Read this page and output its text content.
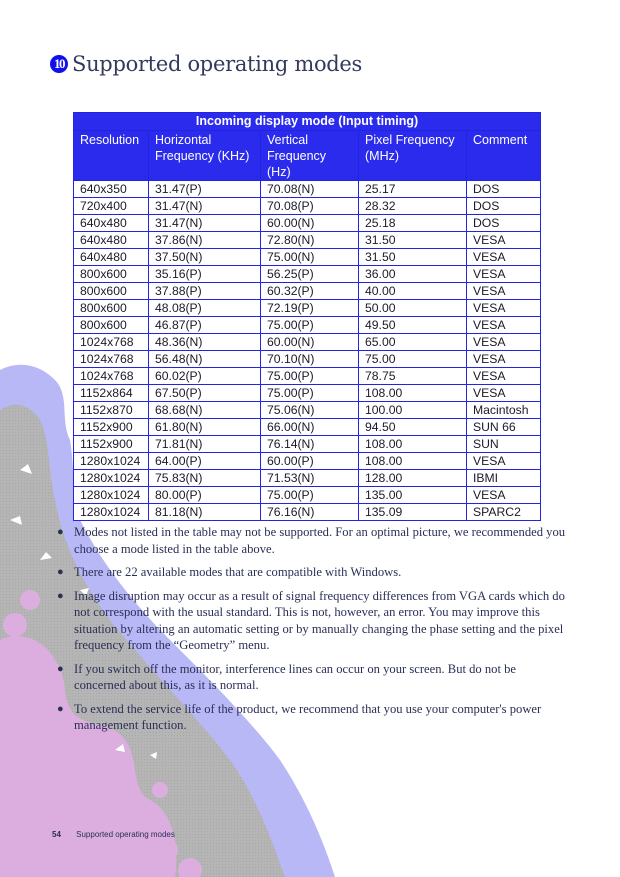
10 Supported operating modes
Incoming display mode (Input timing)				
Resolution	Horizontal Frequency (KHz)	Vertical Frequency (Hz)	Pixel Frequency (MHz)	Comment
640x350	31.47(P)	70.08(N)	25.17	DOS
720x400	31.47(N)	70.08(P)	28.32	DOS
640x480	31.47(N)	60.00(N)	25.18	DOS
640x480	37.86(N)	72.80(N)	31.50	VESA
640x480	37.50(N)	75.00(N)	31.50	VESA
800x600	35.16(P)	56.25(P)	36.00	VESA
800x600	37.88(P)	60.32(P)	40.00	VESA
800x600	48.08(P)	72.19(P)	50.00	VESA
800x600	46.87(P)	75.00(P)	49.50	VESA
1024x768	48.36(N)	60.00(N)	65.00	VESA
1024x768	56.48(N)	70.10(N)	75.00	VESA
1024x768	60.02(P)	75.00(P)	78.75	VESA
1152x864	67.50(P)	75.00(P)	108.00	VESA
1152x870	68.68(N)	75.06(N)	100.00	Macintosh
1152x900	61.80(N)	66.00(N)	94.50	SUN 66
1152x900	71.81(N)	76.14(N)	108.00	SUN
1280x1024	64.00(P)	60.00(P)	108.00	VESA
1280x1024	75.83(N)	71.53(N)	128.00	IBMI
1280x1024	80.00(P)	75.00(P)	135.00	VESA
1280x1024	81.18(N)	76.16(N)	135.09	SPARC2
● Modes not listed in the table may not be supported. For an optimal picture, we recommended you choose a mode listed in the table above.
● There are 22 available modes that are compatible with Windows.
● Image disruption may occur as a result of signal frequency differences from VGA cards which do not correspond with the usual standard. This is not, however, an error. You may improve this situation by altering an automatic setting or by manually changing the phase setting and the pixel frequency from the “Geometry” menu.
● If you switch off the monitor, interference lines can occur on your screen. But do not be concerned about this, as it is normal.
● To extend the service life of the product, we recommend that you use your computer's power management function.
54 Supported operating modes
